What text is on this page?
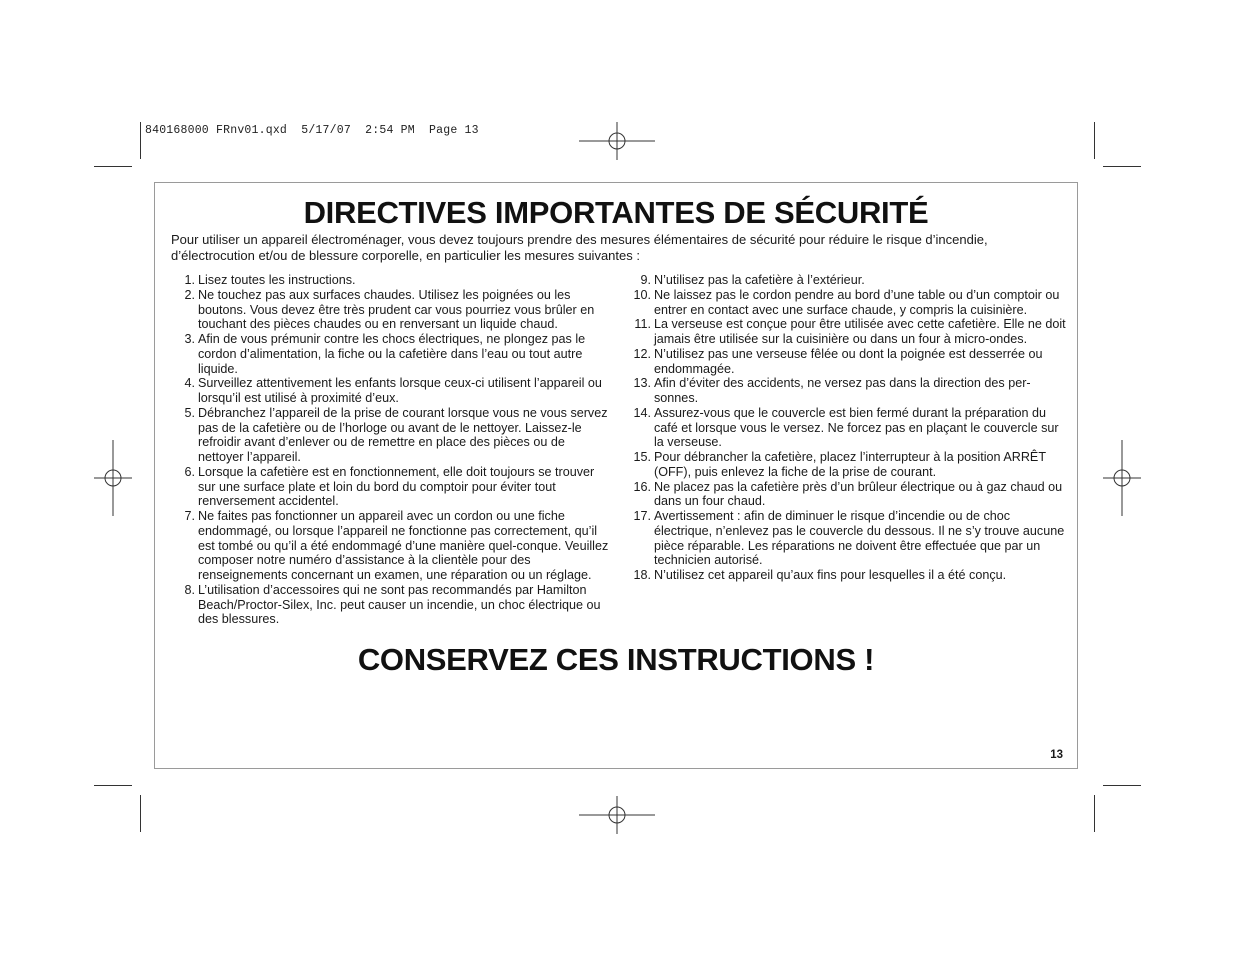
840168000 FRnv01.qxd  5/17/07  2:54 PM  Page 13
DIRECTIVES IMPORTANTES DE SÉCURITÉ
Pour utiliser un appareil électroménager, vous devez toujours prendre des mesures élémentaires de sécurité pour réduire le risque d’incendie, d’électrocution et/ou de blessure corporelle, en particulier les mesures suivantes :
1. Lisez toutes les instructions.
2. Ne touchez pas aux surfaces chaudes. Utilisez les poignées ou les boutons. Vous devez être très prudent car vous pourriez vous brûler en touchant des pièces chaudes ou en renversant un liquide chaud.
3. Afin de vous prémunir contre les chocs électriques, ne plongez pas le cordon d’alimentation, la fiche ou la cafetière dans l’eau ou tout autre liquide.
4. Surveillez attentivement les enfants lorsque ceux-ci utilisent l’appareil ou lorsqu’il est utilisé à proximité d’eux.
5. Débranchez l’appareil de la prise de courant lorsque vous ne vous servez pas de la cafetière ou de l’horloge ou avant de le nettoyer. Laissez-le refroidir avant d’enlever ou de remettre en place des pièces ou de nettoyer l’appareil.
6. Lorsque la cafetière est en fonctionnement, elle doit toujours se trouver sur une surface plate et loin du bord du comptoir pour éviter tout renversement accidentel.
7. Ne faites pas fonctionner un appareil avec un cordon ou une fiche endommagé, ou lorsque l’appareil ne fonctionne pas correctement, qu’il est tombé ou qu’il a été endommagé d’une manière quel-conque. Veuillez composer notre numéro d’assistance à la clientèle pour des renseignements concernant un examen, une réparation ou un réglage.
8. L’utilisation d’accessoires qui ne sont pas recommandés par Hamilton Beach/Proctor-Silex, Inc. peut causer un incendie, un choc électrique ou des blessures.
9. N’utilisez pas la cafetière à l’extérieur.
10. Ne laissez pas le cordon pendre au bord d’une table ou d’un comptoir ou entrer en contact avec une surface chaude, y compris la cuisinière.
11. La verseuse est conçue pour être utilisée avec cette cafetière. Elle ne doit jamais être utilisée sur la cuisinière ou dans un four à micro-ondes.
12. N’utilisez pas une verseuse fêlée ou dont la poignée est desserrée ou endommagée.
13. Afin d’éviter des accidents, ne versez pas dans la direction des per-sonnes.
14. Assurez-vous que le couvercle est bien fermé durant la préparation du café et lorsque vous le versez. Ne forcez pas en plaçant le couvercle sur la verseuse.
15. Pour débrancher la cafetière, placez l’interrupteur à la position ARRÊT (OFF), puis enlevez la fiche de la prise de courant.
16. Ne placez pas la cafetière près d’un brûleur électrique ou à gaz chaud ou dans un four chaud.
17. Avertissement : afin de diminuer le risque d’incendie ou de choc électrique, n’enlevez pas le couvercle du dessous. Il ne s’y trouve aucune pièce réparable. Les réparations ne doivent être effectuée que par un technicien autorisé.
18. N’utilisez cet appareil qu’aux fins pour lesquelles il a été conçu.
CONSERVEZ CES INSTRUCTIONS !
13
